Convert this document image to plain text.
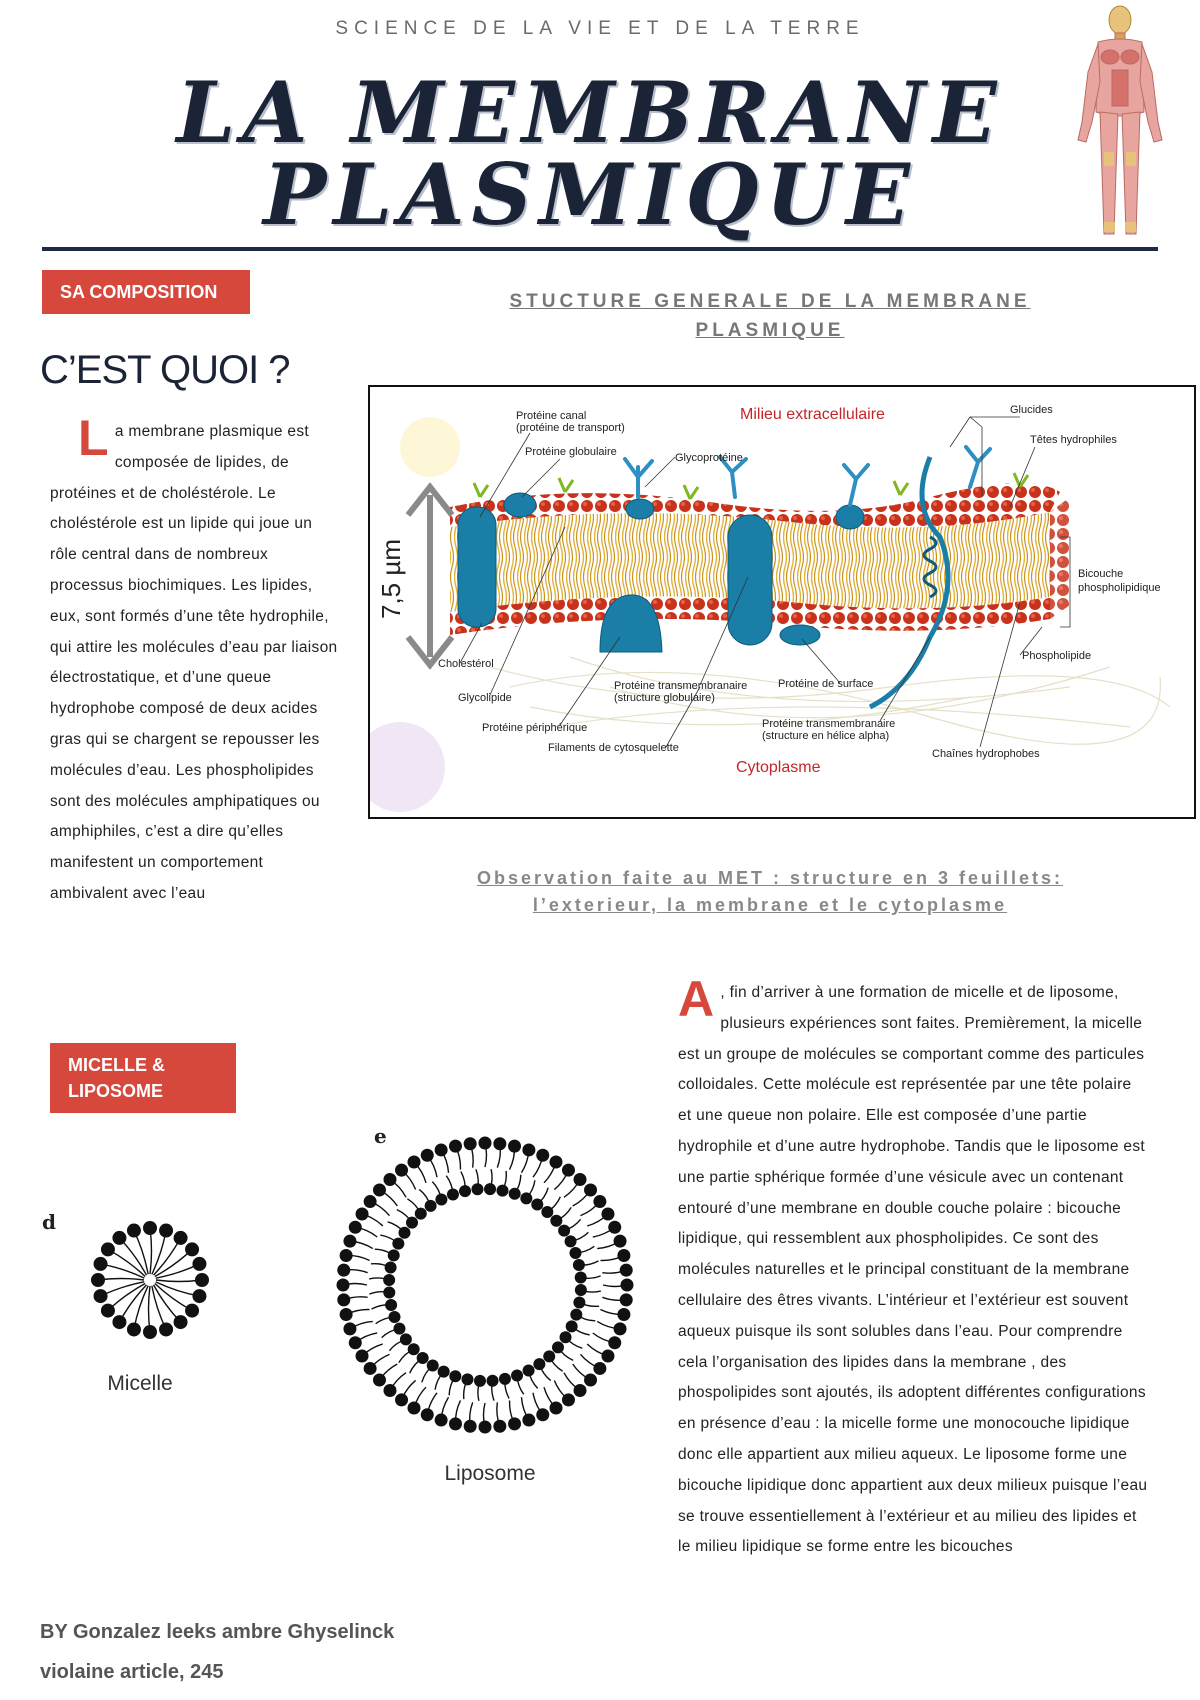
SCIENCE DE LA VIE ET DE LA TERRE
LA MEMBRANE
PLASMIQUE
SA COMPOSITION
C’EST QUOI ?
La membrane plasmique est composée de lipides, de protéines et de choléstérole. Le choléstérole est un lipide qui joue un rôle central dans de nombreux processus biochimiques. Les lipides, eux, sont formés d’une tête hydrophile, qui attire les molécules d’eau par liaison électrostatique, et d’une queue hydrophobe composé de deux acides gras qui se chargent se repousser les molécules d’eau. Les phospholipides sont des molécules amphipatiques ou amphiphiles, c’est a dire qu’elles manifestent un comportement ambivalent avec l’eau
STUCTURE GENERALE DE LA MEMBRANE PLASMIQUE
7,5 µm
Milieu extracellulaire
Cytoplasme
Protéine canal
(protéine de transport)
Protéine globulaire	Glycoprotéine
Glucides
Têtes hydrophiles
Bicouche
phospholipidique
Phospholipide
Cholestérol
Glycolipide
Protéine périphérique
Filaments de cytosquelette
Protéine transmembranaire
(structure globulaire)
Protéine de surface
Protéine transmembranaire
(structure en hélice alpha)
Chaînes hydrophobes
Observation faite au MET : structure en 3 feuillets: l’exterieur, la membrane et le cytoplasme
MICELLE &
LIPOSOME
d
Micelle
e
Liposome
A , fin d’arriver à une formation de micelle et de liposome, plusieurs expériences sont faites. Premièrement, la micelle est un groupe de molécules se comportant comme des particules colloidales. Cette molécule est représentée par une tête polaire et une queue non polaire. Elle est composée d’une partie hydrophile et d’une autre hydrophobe. Tandis que le liposome est une partie sphérique formée d’une vésicule avec un contenant entouré d’une membrane en double couche polaire : bicouche lipidique, qui ressemblent aux phospholipides. Ce sont des molécules naturelles et le principal constituant de la membrane cellulaire des êtres vivants. L’intérieur et l’extérieur est souvent aqueux puisque ils sont solubles dans l’eau. Pour comprendre cela l’organisation des lipides dans la membrane , des phospolipides sont ajoutés, ils adoptent différentes configurations en présence d’eau : la micelle forme une monocouche lipidique donc elle appartient aux milieu aqueux. Le liposome forme une bicouche lipidique donc appartient aux deux milieux puisque l’eau se trouve essentiellement à l’extérieur et au milieu des lipides et le milieu lipidique se forme entre les bicouches
BY Gonzalez leeks ambre Ghyselinck
violaine article, 245
